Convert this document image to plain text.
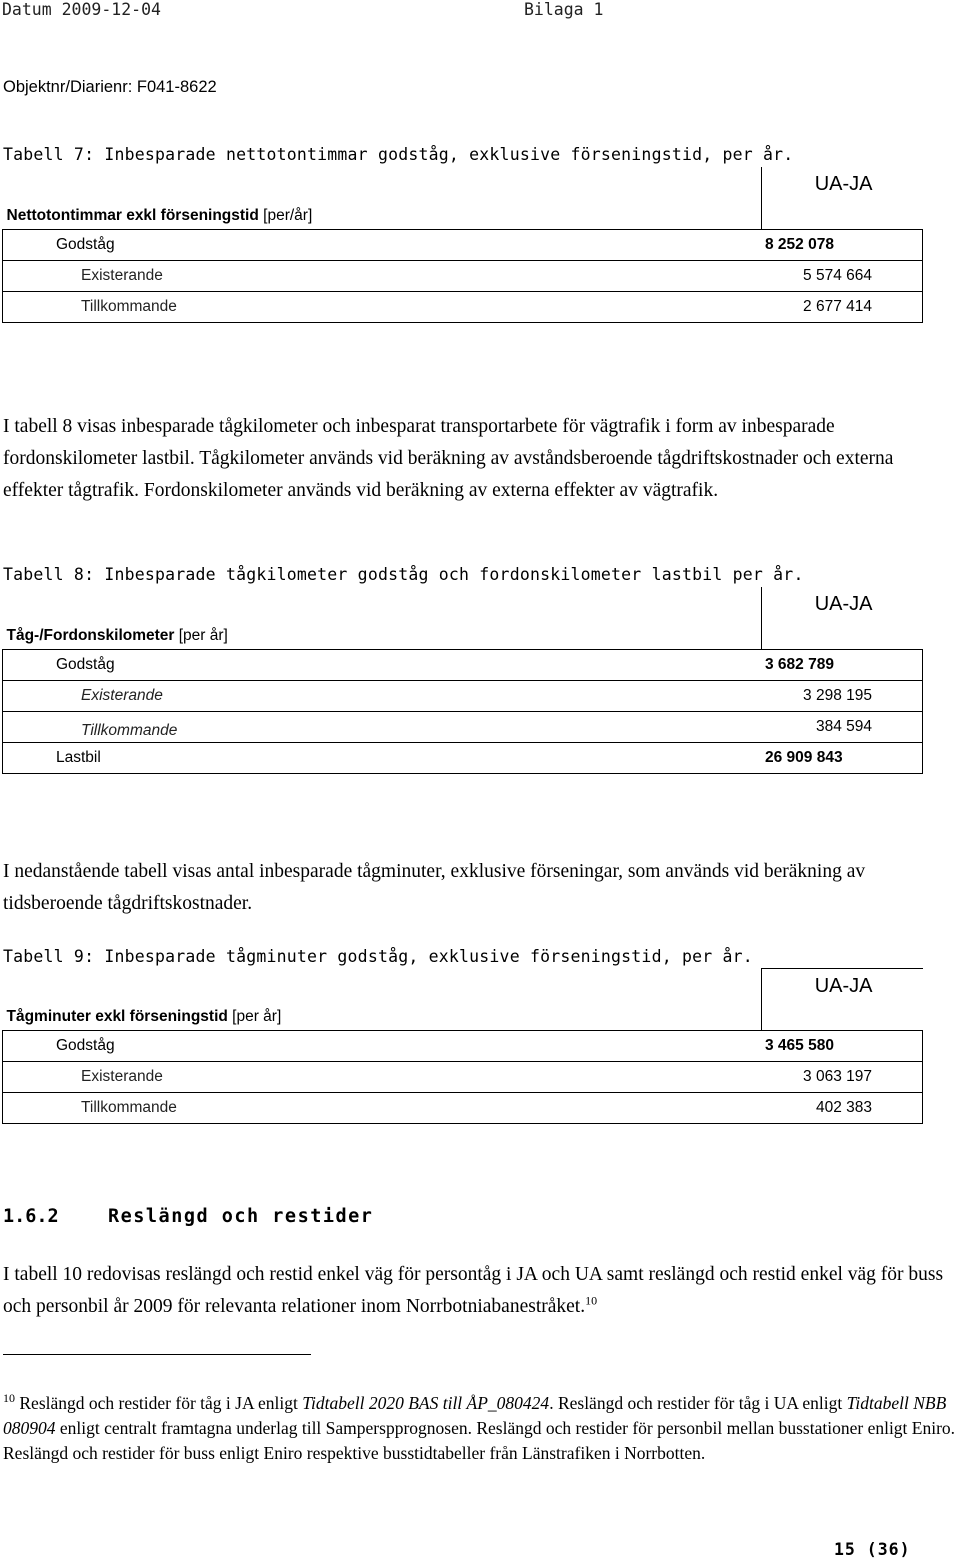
Datum 2009-12-04	Bilaga 1
Objektnr/Diarienr: F041-8622
Tabell 7: Inbesparade nettotontimmar godståg, exklusive förseningstid, per år.
Nettotontimmar exkl förseningstid [per/år]	UA-JA
Godståg	8 252 078
Existerande	5 574 664
Tillkommande	2 677 414
I tabell 8 visas inbesparade tågkilometer och inbesparat transportarbete för vägtrafik i form av inbesparade fordonskilometer lastbil. Tågkilometer används vid beräkning av avståndsberoende tågdriftskostnader och externa effekter tågtrafik. Fordonskilometer används vid beräkning av externa effekter av vägtrafik.
Tabell 8: Inbesparade tågkilometer godståg och fordonskilometer lastbil per år.
Tåg-/Fordonskilometer [per år]	UA-JA
Godståg	3 682 789
Existerande	3 298 195
Tillkommande	384 594
Lastbil	26 909 843
I nedanstående tabell visas antal inbesparade tågminuter, exklusive förseningar, som används vid beräkning av tidsberoende tågdriftskostnader.
Tabell 9: Inbesparade tågminuter godståg, exklusive förseningstid, per år.
Tågminuter exkl förseningstid [per år]	UA-JA
Godståg	3 465 580
Existerande	3 063 197
Tillkommande	402 383
1.6.2	Reslängd och restider
I tabell 10 redovisas reslängd och restid enkel väg för persontåg i JA och UA samt reslängd och restid enkel väg för buss och personbil år 2009 för relevanta relationer inom Norrbotniabanestråket.$^{10}$
$^{10}$ Reslängd och restider för tåg i JA enligt Tidtabell 2020 BAS till ÅP_080424. Reslängd och restider för tåg i UA enligt Tidtabell NBB 080904 enligt centralt framtagna underlag till Samperspprognosen. Reslängd och restider för personbil mellan busstationer enligt Eniro. Reslängd och restider för buss enligt Eniro respektive busstidtabeller från Länstrafiken i Norrbotten.
15 (36)
